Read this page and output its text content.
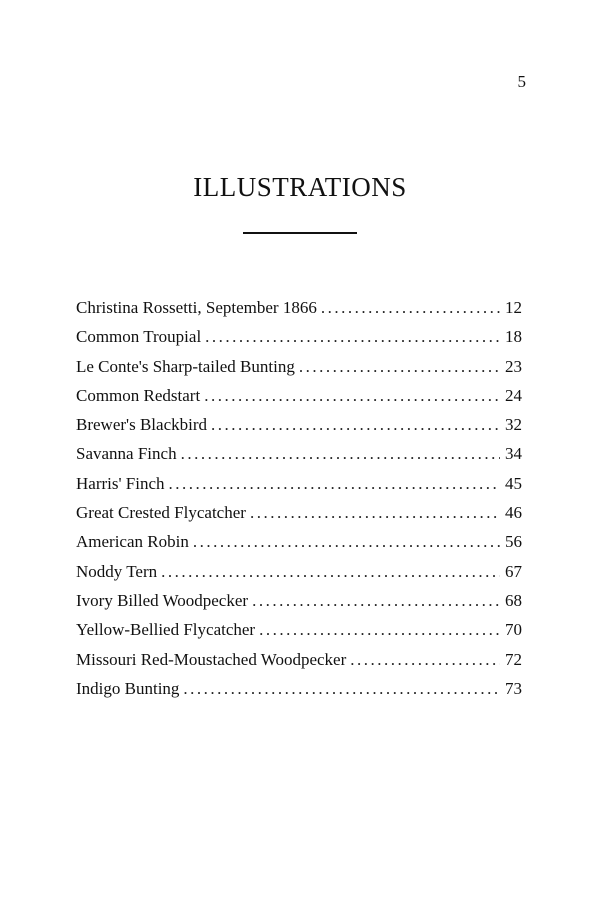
5
ILLUSTRATIONS
Christina Rossetti, September 1866 .....	12
Common Troupial .....	18
Le Conte's Sharp-tailed Bunting .....	23
Common Redstart .....	24
Brewer's Blackbird .....	32
Savanna Finch .....	34
Harris' Finch .....	45
Great Crested Flycatcher .....	46
American Robin .....	56
Noddy Tern .....	67
Ivory Billed Woodpecker .....	68
Yellow-Bellied Flycatcher .....	70
Missouri Red-Moustached Woodpecker .....	72
Indigo Bunting .....	73
